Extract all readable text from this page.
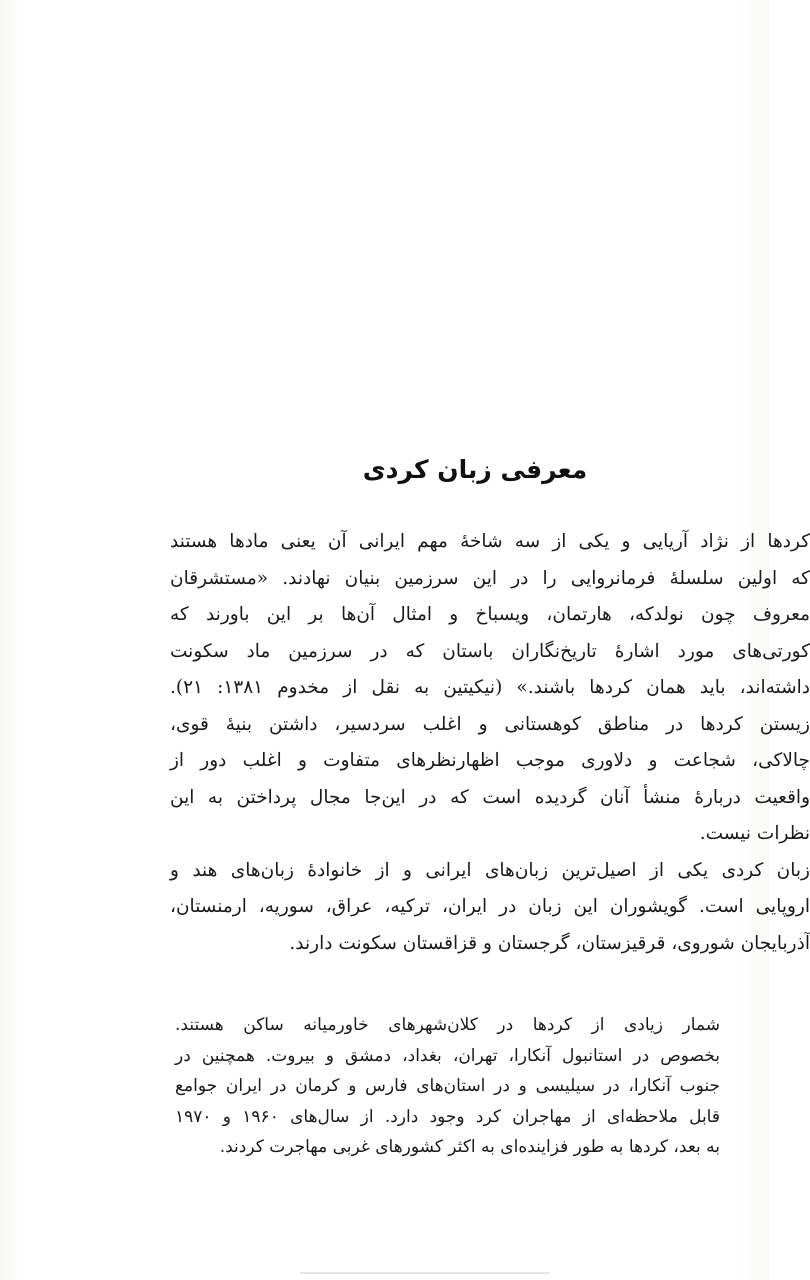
معرفی زبان کردی
کردها از نژاد آریایی و یکی از سه شاخهٔ مهم ایرانی آن یعنی مادها هستند
که اولین سلسلهٔ فرمانروایی را در این سرزمین بنیان نهادند. «مستشرقان
معروف چون نولدکه، هارتمان، ویسباخ و امثال آن‌ها بر این باورند که
کورتی‌های مورد اشارهٔ تاریخ‌نگاران باستان که در سرزمین ماد سکونت
داشته‌اند، باید همان کردها باشند.» (نیکیتین به نقل از مخدوم ۱۳۸۱: ۲۱).
زیستن کردها در مناطق کوهستانی و اغلب سردسیر، داشتن بنیهٔ قوی،
چالاکی، شجاعت و دلاوری موجب اظهارنظرهای متفاوت و اغلب دور از
واقعیت دربارهٔ منشأ آنان گردیده است که در این‌جا مجال پرداختن به این
نظرات نیست.
زبان کردی یکی از اصیل‌ترین زبان‌های ایرانی و از خانوادهٔ زبان‌های هند و
اروپایی است. گویشوران این زبان در ایران، ترکیه، عراق، سوریه، ارمنستان،
آذربایجان شوروی، قرقیزستان، گرجستان و قزاقستان سکونت دارند.
شمار زیادی از کردها در کلان‌شهرهای خاورمیانه ساکن هستند.
بخصوص در استانبول آنکارا، تهران، بغداد، دمشق و بیروت. همچنین در
جنوب آنکارا، در سیلیسی و در استان‌های فارس و کرمان در ایران جوامع
قابل ملاحظه‌ای از مهاجران کرد وجود دارد. از سال‌های ۱۹۶۰ و ۱۹۷۰
به بعد، کردها به طور فزاینده‌ای به اکثر کشورهای غربی مهاجرت کردند.
